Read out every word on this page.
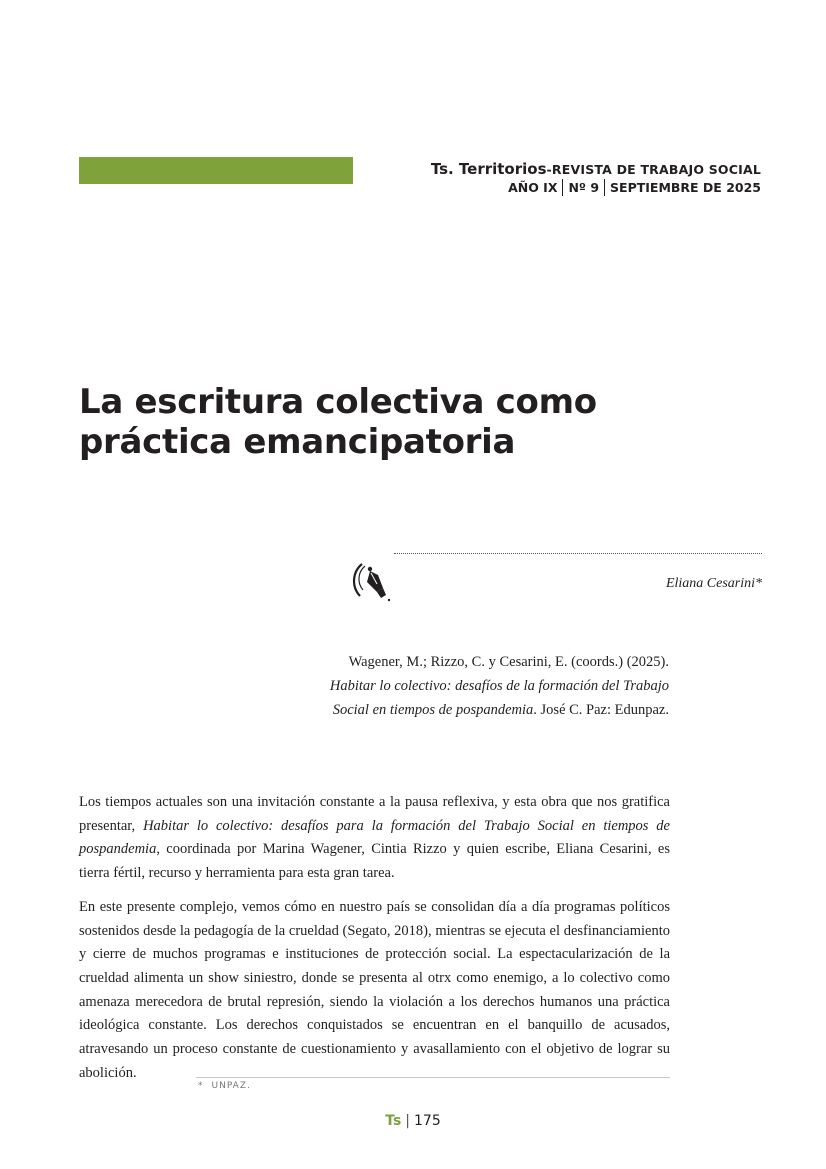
Ts. Territorios-REVISTA DE TRABAJO SOCIAL
AÑO IX Nº 9 SEPTIEMBRE DE 2025
La escritura colectiva como
práctica emancipatoria
Eliana Cesarini*
Wagener, M.; Rizzo, C. y Cesarini, E. (coords.) (2025). Habitar lo colectivo: desafíos de la formación del Trabajo Social en tiempos de pospandemia. José C. Paz: Edunpaz.

Los tiempos actuales son una invitación constante a la pausa reflexiva, y esta obra que nos gratifica presentar, Habitar lo colectivo: desafíos para la formación del Trabajo Social en tiempos de pospandemia, coordinada por Marina Wagener, Cintia Rizzo y quien escribe, Eliana Cesarini, es tierra fértil, recurso y herramienta para esta gran tarea.

En este presente complejo, vemos cómo en nuestro país se consolidan día a día programas políticos sostenidos desde la pedagogía de la crueldad (Segato, 2018), mientras se ejecuta el desfinanciamiento y cierre de muchos programas e instituciones de protección social. La espectacularización de la crueldad alimenta un show siniestro, donde se presenta al otrx como enemigo, a lo colectivo como amenaza merecedora de brutal represión, siendo la violación a los derechos humanos una práctica ideológica constante. Los derechos conquistados se encuentran en el banquillo de acusados, atravesando un proceso constante de cuestionamiento y avasallamiento con el objetivo de lograr su abolición.

* UNPAZ.
Ts | 175
